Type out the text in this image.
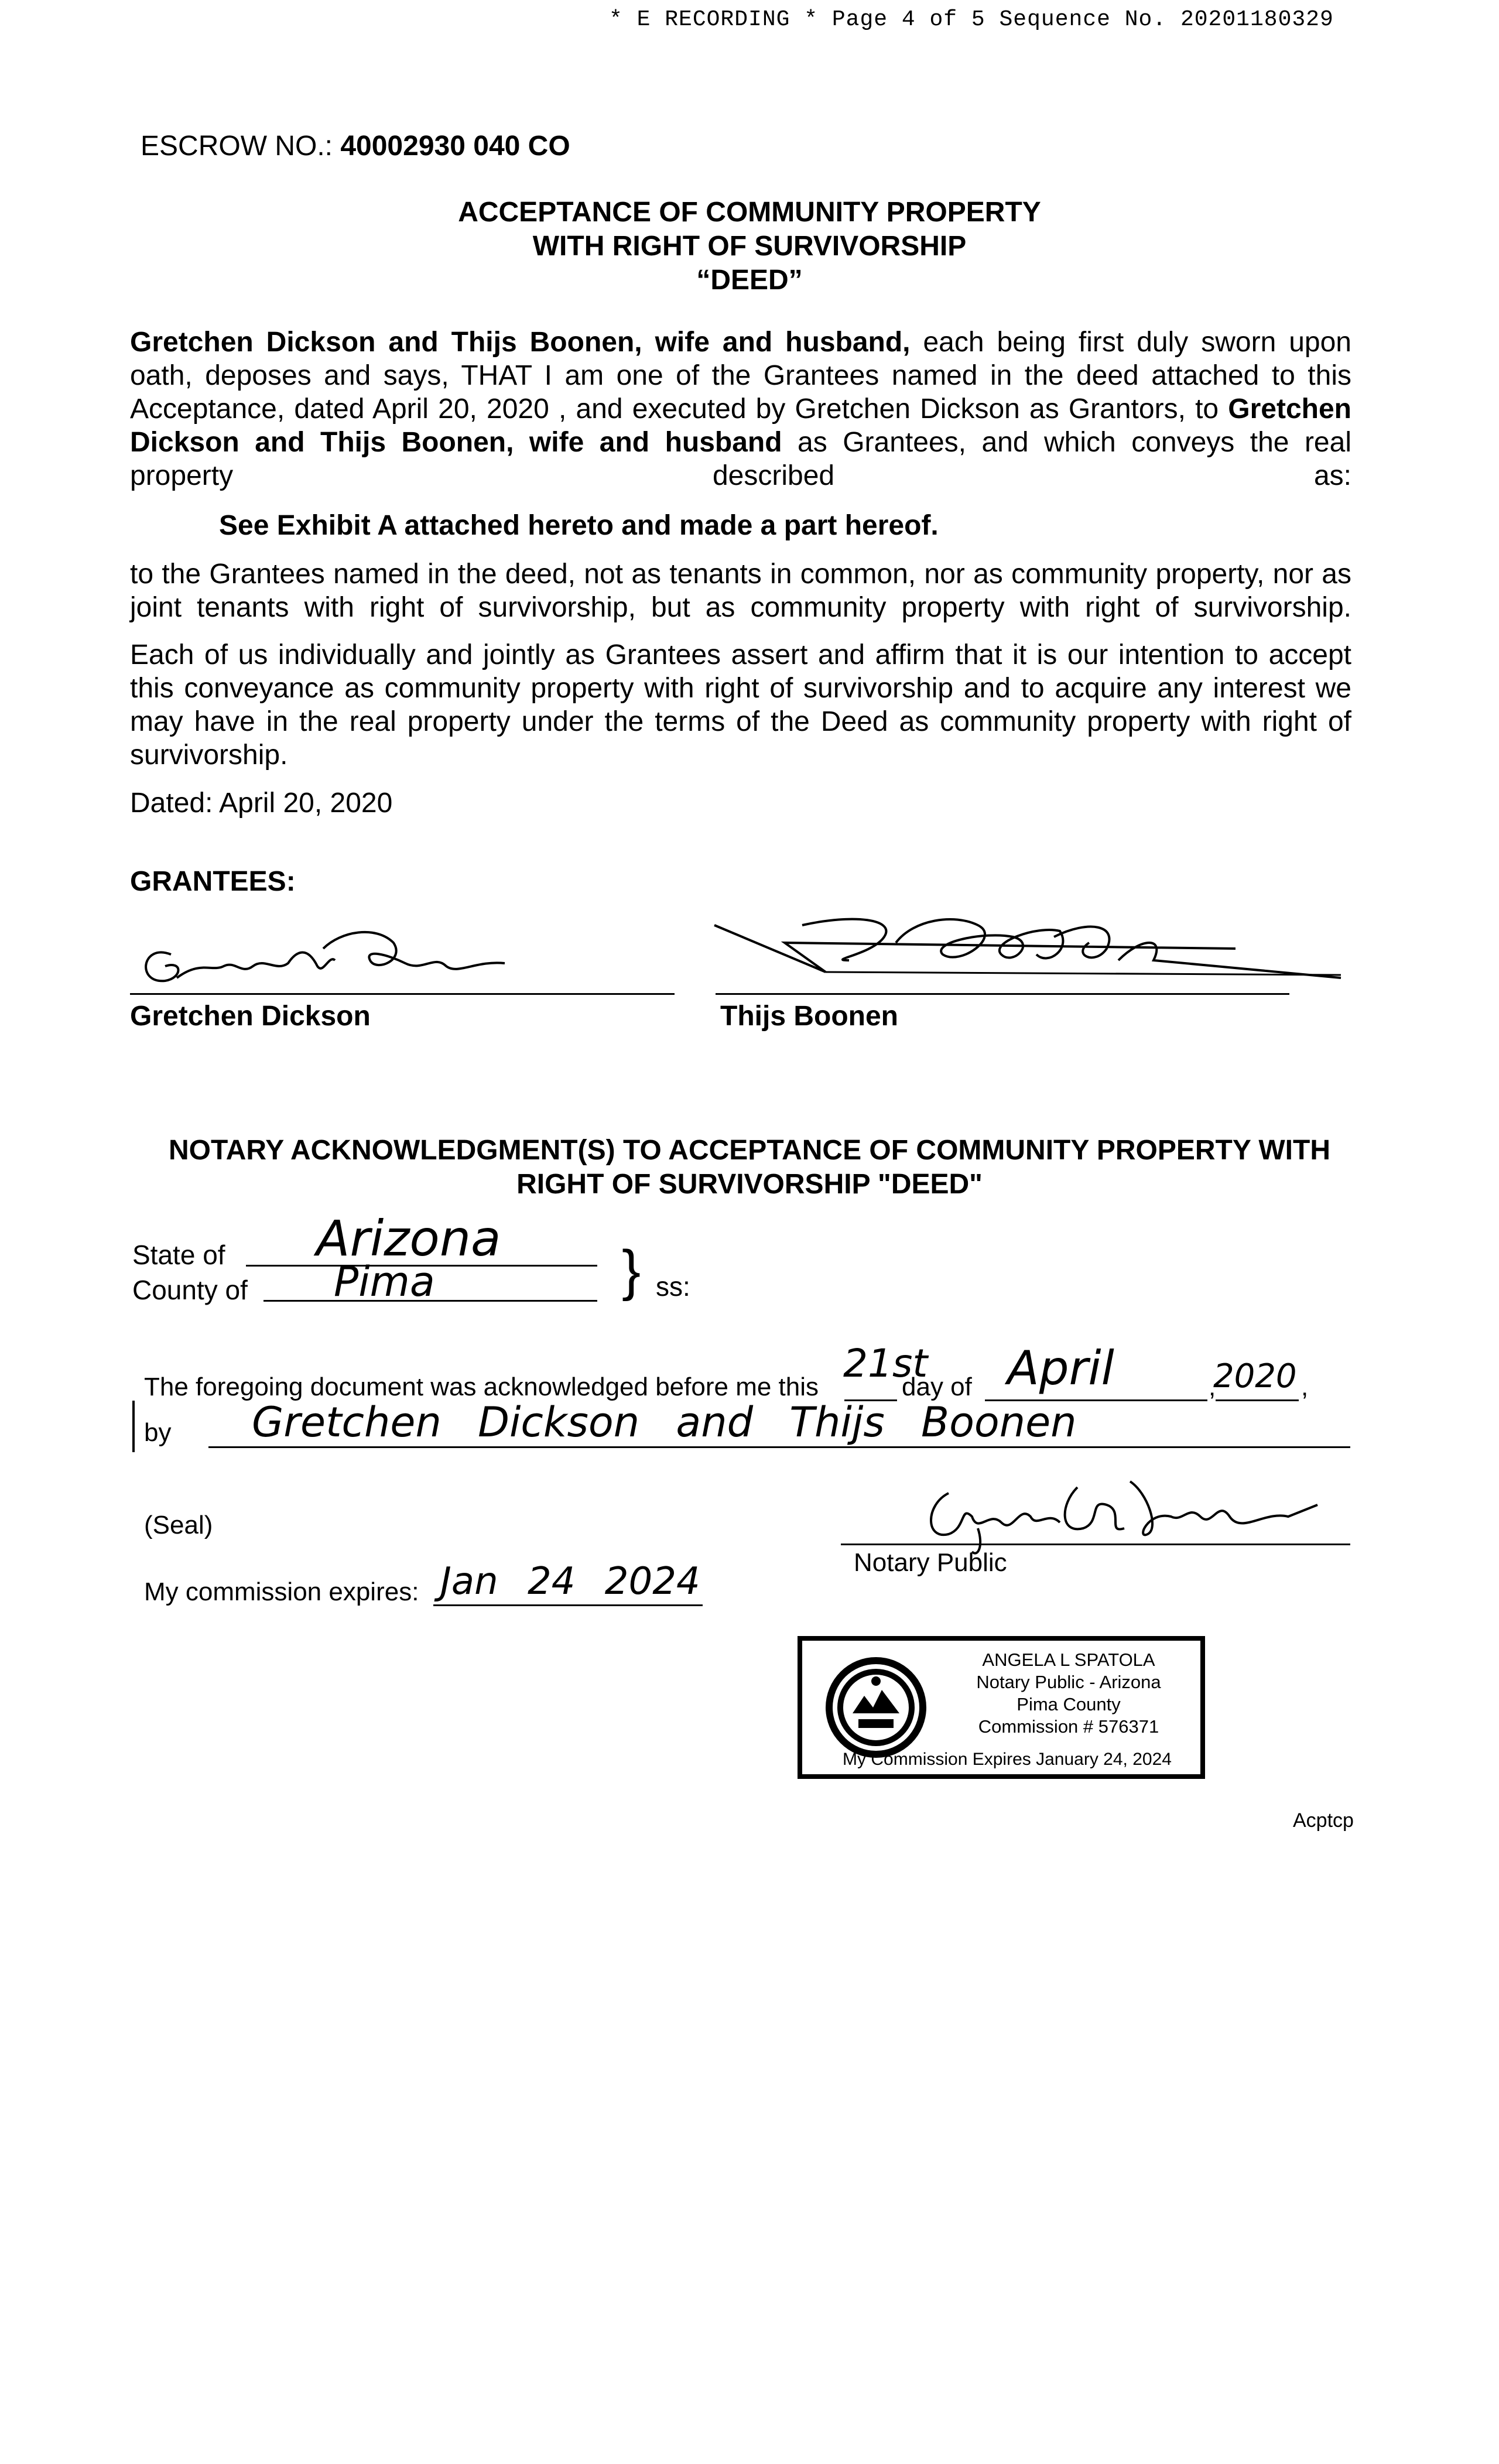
* E RECORDING * Page 4 of 5 Sequence No. 20201180329
ESCROW NO.: 40002930 040 CO
ACCEPTANCE OF COMMUNITY PROPERTY
WITH RIGHT OF SURVIVORSHIP
“DEED”
Gretchen Dickson and Thijs Boonen, wife and husband, each being first duly sworn upon oath, deposes and says, THAT I am one of the Grantees named in the deed attached to this Acceptance, dated April 20, 2020 , and executed by Gretchen Dickson as Grantors, to Gretchen Dickson and Thijs Boonen, wife and husband as Grantees, and which conveys the real property described as:
See Exhibit A attached hereto and made a part hereof.
to the Grantees named in the deed, not as tenants in common, nor as community property, nor as joint tenants with right of survivorship, but as community property with right of survivorship.
Each of us individually and jointly as Grantees assert and affirm that it is our intention to accept this conveyance as community property with right of survivorship and to acquire any interest we may have in the real property under the terms of the Deed as community property with right of survivorship.
Dated: April 20, 2020
GRANTEES:
Gretchen Dickson	Thijs Boonen
NOTARY ACKNOWLEDGMENT(S) TO ACCEPTANCE OF COMMUNITY PROPERTY WITH
RIGHT OF SURVIVORSHIP "DEED"
State of Arizona
County of Pima	} ss:
The foregoing document was acknowledged before me this
21st
day of April	,
2020 ,
by Gretchen Dickson and Thijs Boonen
(Seal)
Notary Public
My commission expires: Jan 24 2024
ANGELA L SPATOLA
Notary Public - Arizona
Pima County
Commission # 576371
My Commission Expires January 24, 2024
Acptcp
